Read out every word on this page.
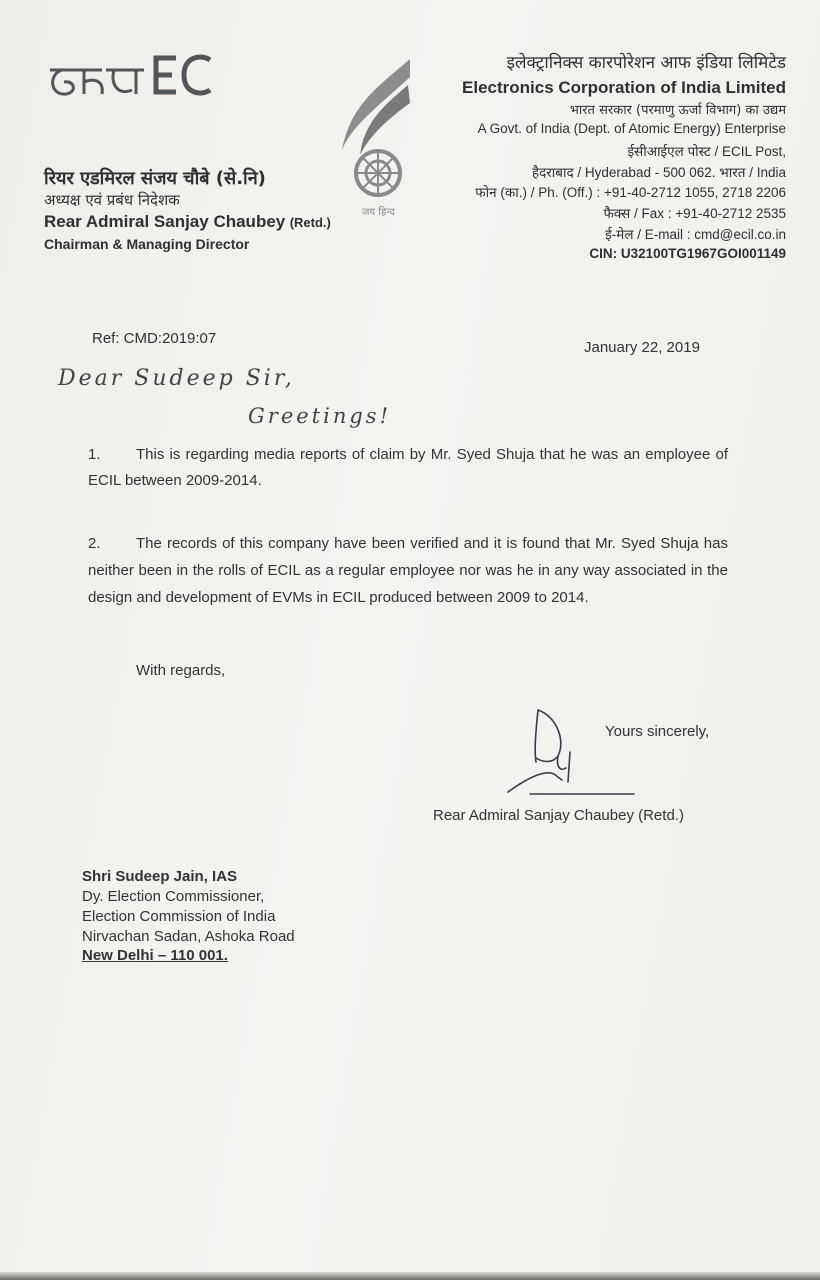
जय हिन्द
रियर एडमिरल संजय चौबे (से.नि)
अध्यक्ष एवं प्रबंध निदेशक
Rear Admiral Sanjay Chaubey (Retd.)
Chairman & Managing Director
इलेक्ट्रानिक्स कारपोरेशन आफ इंडिया लिमिटेड
Electronics Corporation of India Limited
भारत सरकार (परमाणु ऊर्जा विभाग) का उद्यम
A Govt. of India (Dept. of Atomic Energy) Enterprise
ईसीआईएल पोस्ट / ECIL Post,
हैदराबाद / Hyderabad - 500 062. भारत / India
फोन (का.) / Ph. (Off.) : +91-40-2712 1055, 2718 2206
फैक्स / Fax : +91-40-2712 2535
ई-मेल / E-mail : cmd@ecil.co.in
CIN: U32100TG1967GOI001149
Ref: CMD:2019:07
January 22, 2019
Dear Sudeep Sir,
Greetings!
1. This is regarding media reports of claim by Mr. Syed Shuja that he was an employee of ECIL between 2009-2014.
2. The records of this company have been verified and it is found that Mr. Syed Shuja has neither been in the rolls of ECIL as a regular employee nor was he in any way associated in the design and development of EVMs in ECIL produced between 2009 to 2014.
With regards,
Yours sincerely,
Rear Admiral Sanjay Chaubey (Retd.)
Shri Sudeep Jain, IAS
Dy. Election Commissioner,
Election Commission of India
Nirvachan Sadan, Ashoka Road
New Delhi – 110 001.
